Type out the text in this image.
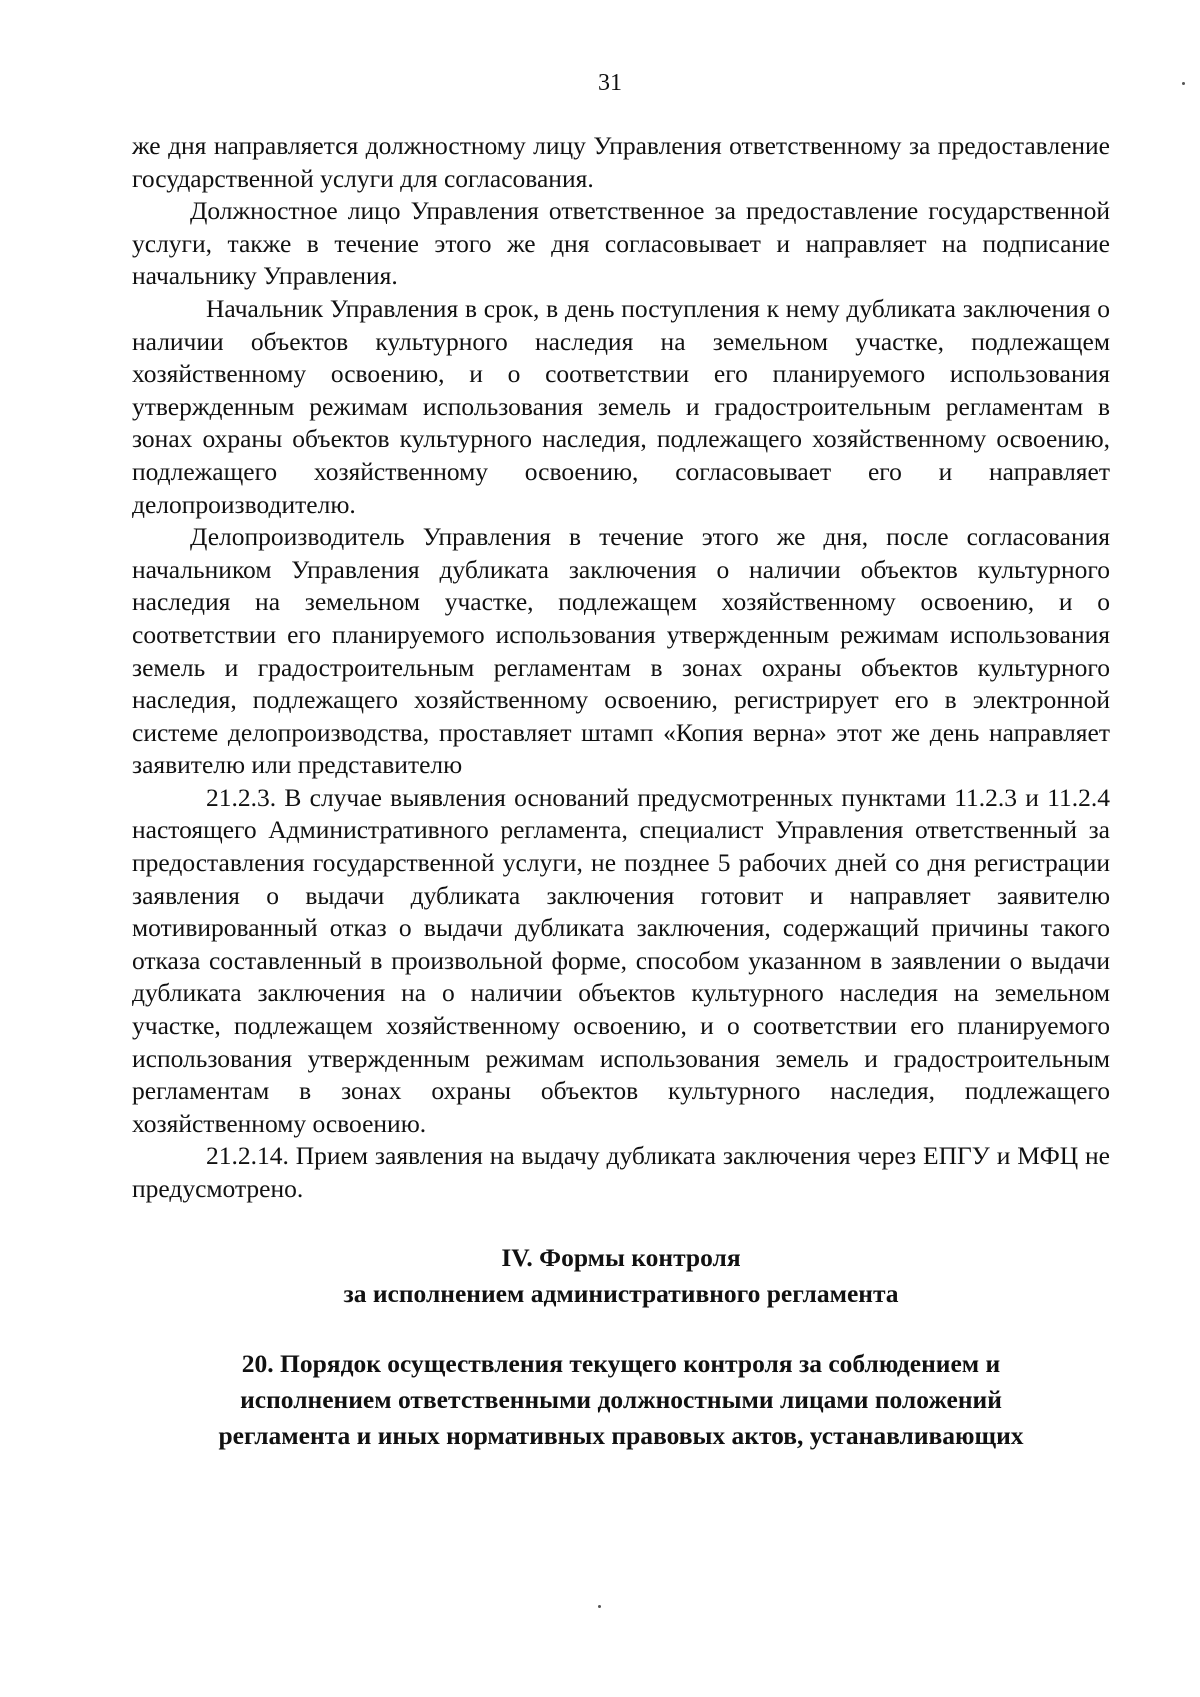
31

же дня направляется должностному лицу Управления ответственному за предоставление государственной услуги для согласования.

Должностное лицо Управления ответственное за предоставление государственной услуги, также в течение этого же дня согласовывает и направляет на подписание начальнику Управления.

Начальник Управления в срок, в день поступления к нему дубликата заключения о наличии объектов культурного наследия на земельном участке, подлежащем хозяйственному освоению, и о соответствии его планируемого использования утвержденным режимам использования земель и градостроительным регламентам в зонах охраны объектов культурного наследия, подлежащего хозяйственному освоению, подлежащего хозяйственному освоению, согласовывает его и направляет делопроизводителю.

Делопроизводитель Управления в течение этого же дня, после согласования начальником Управления дубликата заключения о наличии объектов культурного наследия на земельном участке, подлежащем хозяйственному освоению, и о соответствии его планируемого использования утвержденным режимам использования земель и градостроительным регламентам в зонах охраны объектов культурного наследия, подлежащего хозяйственному освоению, регистрирует его в электронной системе делопроизводства, проставляет штамп «Копия верна» этот же день направляет заявителю или представителю

21.2.3. В случае выявления оснований предусмотренных пунктами 11.2.3 и 11.2.4 настоящего Административного регламента, специалист Управления ответственный за предоставления государственной услуги, не позднее 5 рабочих дней со дня регистрации заявления о выдачи дубликата заключения готовит и направляет заявителю мотивированный отказ о выдачи дубликата заключения, содержащий причины такого отказа составленный в произвольной форме, способом указанном в заявлении о выдачи дубликата заключения на о наличии объектов культурного наследия на земельном участке, подлежащем хозяйственному освоению, и о соответствии его планируемого использования утвержденным режимам использования земель и градостроительным регламентам в зонах охраны объектов культурного наследия, подлежащего хозяйственному освоению.

21.2.14. Прием заявления на выдачу дубликата заключения через ЕПГУ и МФЦ не предусмотрено.

IV. Формы контроля
за исполнением административного регламента

20. Порядок осуществления текущего контроля за соблюдением и
исполнением ответственными должностными лицами положений
регламента и иных нормативных правовых актов, устанавливающих
